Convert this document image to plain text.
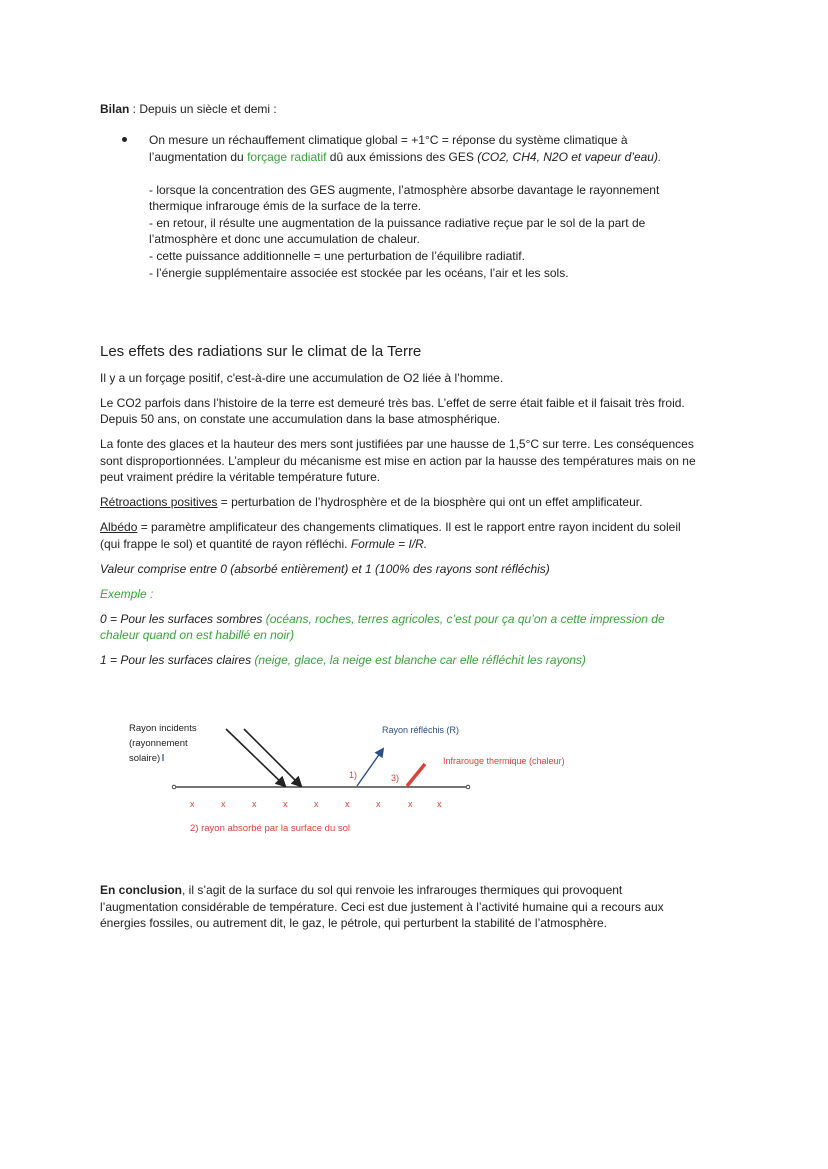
Bilan : Depuis un siècle et demi :

On mesure un réchauffement climatique global = +1°C = réponse du système climatique à

l’augmentation du forçage radiatif dû aux émissions des GES (CO2, CH4, N2O et vapeur d’eau).

- lorsque la concentration des GES augmente, l’atmosphère absorbe davantage le rayonnement

thermique infrarouge émis de la surface de la terre.

- en retour, il résulte une augmentation de la puissance radiative reçue par le sol de la part de

l’atmosphère et donc une accumulation de chaleur.

- cette puissance additionnelle = une perturbation de l’équilibre radiatif.

- l’énergie supplémentaire associée est stockée par les océans, l’air et les sols.

Les effets des radiations sur le climat de la Terre

Il y a un forçage positif, c'est-à-dire une accumulation de O2 liée à l’homme.

Le CO2 parfois dans l’histoire de la terre est demeuré très bas. L’effet de serre était faible et il faisait très froid.

Depuis 50 ans, on constate une accumulation dans la base atmosphérique.

La fonte des glaces et la hauteur des mers sont justifiées par une hausse de 1,5°C sur terre. Les conséquences

sont disproportionnées. L’ampleur du mécanisme est mise en action par la hausse des températures mais on ne

peut vraiment prédire la véritable température future.

Rétroactions positives = perturbation de l’hydrosphère et de la biosphère qui ont un effet amplificateur.

Albédo = paramètre amplificateur des changements climatiques. Il est le rapport entre rayon incident du soleil

(qui frappe le sol) et quantité de rayon réfléchi. Formule = I/R.

Valeur comprise entre 0 (absorbé entièrement) et 1 (100% des rayons sont réfléchis)

Exemple :

0 = Pour les surfaces sombres (océans, roches, terres agricoles, c’est pour ça qu’on a cette impression de

chaleur quand on est habillé en noir)

1 = Pour les surfaces claires (neige, glace, la neige est blanche car elle réfléchit les rayons)

Rayon incidents
(rayonnement
solaire)
Rayon réfléchis (R)
Infrarouge thermique (chaleur)
1)	3)
x	x	x	x	x	x	x	x	x
2) rayon absorbé par la surface du sol

En conclusion, il s’agit de la surface du sol qui renvoie les infrarouges thermiques qui provoquent

l’augmentation considérable de température. Ceci est due justement à l’activité humaine qui a recours aux

énergies fossiles, ou autrement dit, le gaz, le pétrole, qui perturbent la stabilité de l’atmosphère.
